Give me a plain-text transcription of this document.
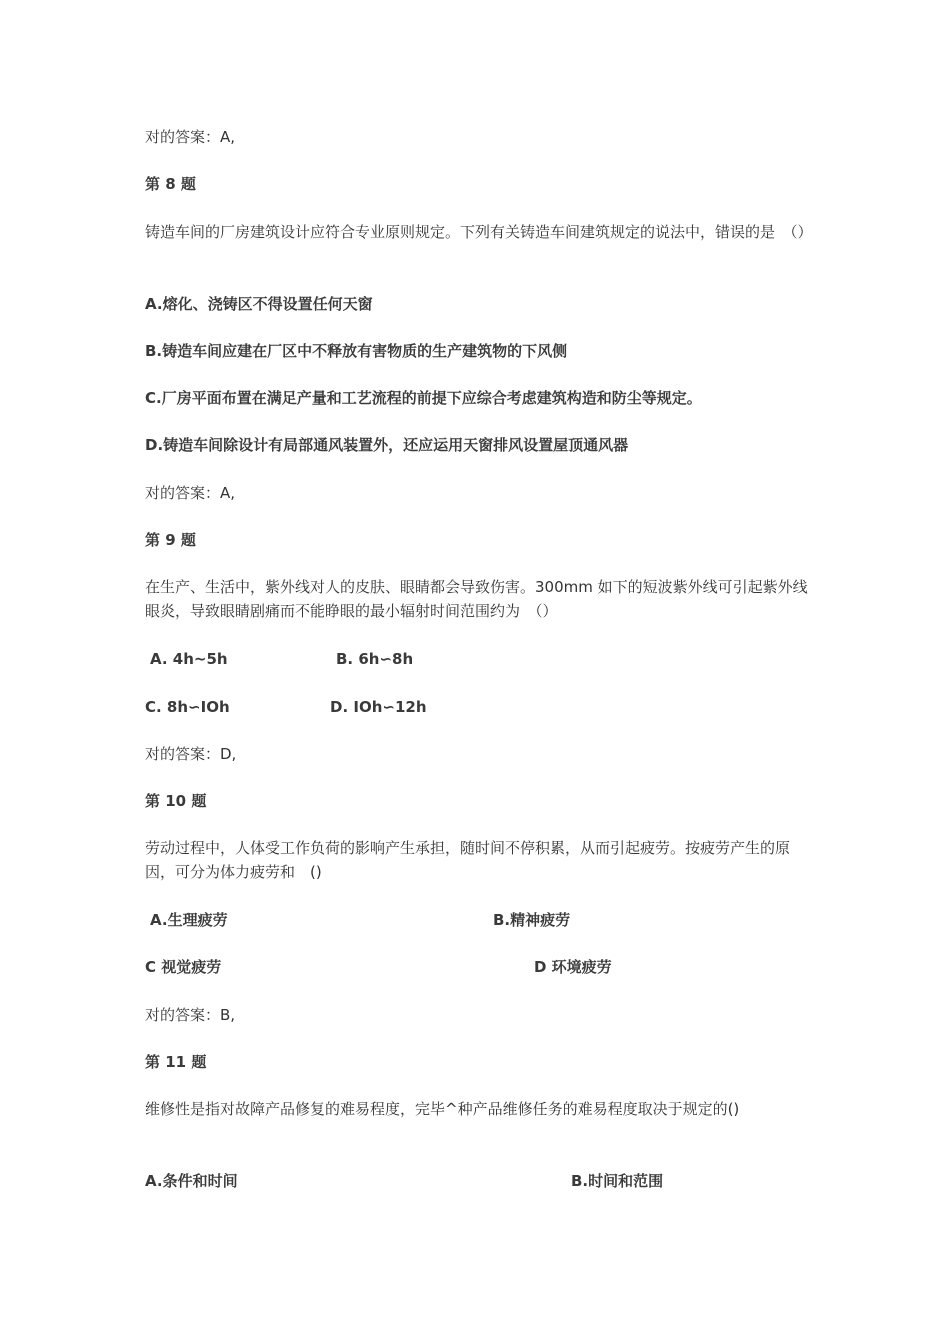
对的答案：A,
第 8 题
铸造车间的厂房建筑设计应符合专业原则规定。下列有关铸造车间建筑规定的说法中，错误的是　（）
A.熔化、浇铸区不得设置任何天窗
B.铸造车间应建在厂区中不释放有害物质的生产建筑物的下风侧
C.厂房平面布置在满足产量和工艺流程的前提下应综合考虑建筑构造和防尘等规定。
D.铸造车间除设计有局部通风装置外，还应运用天窗排风设置屋顶通风器
对的答案：A,
第 9 题
在生产、生活中，紫外线对人的皮肤、眼睛都会导致伤害。300mm 如下的短波紫外线可引起紫外线眼炎，导致眼睛剧痛而不能睁眼的最小辐射时间范围约为　（）
A. 4h~5h	B. 6h∽8h
C. 8h∽IOh	D. IOh∽12h
对的答案：D,
第 10 题
劳动过程中，人体受工作负荷的影响产生承担，随时间不停积累，从而引起疲劳。按疲劳产生的原因，可分为体力疲劳和　()
A.生理疲劳	B.精神疲劳
C 视觉疲劳	D 环境疲劳
对的答案：B,
第 11 题
维修性是指对故障产品修复的难易程度，完毕^种产品维修任务的难易程度取决于规定的()
A.条件和时间	B.时间和范围
